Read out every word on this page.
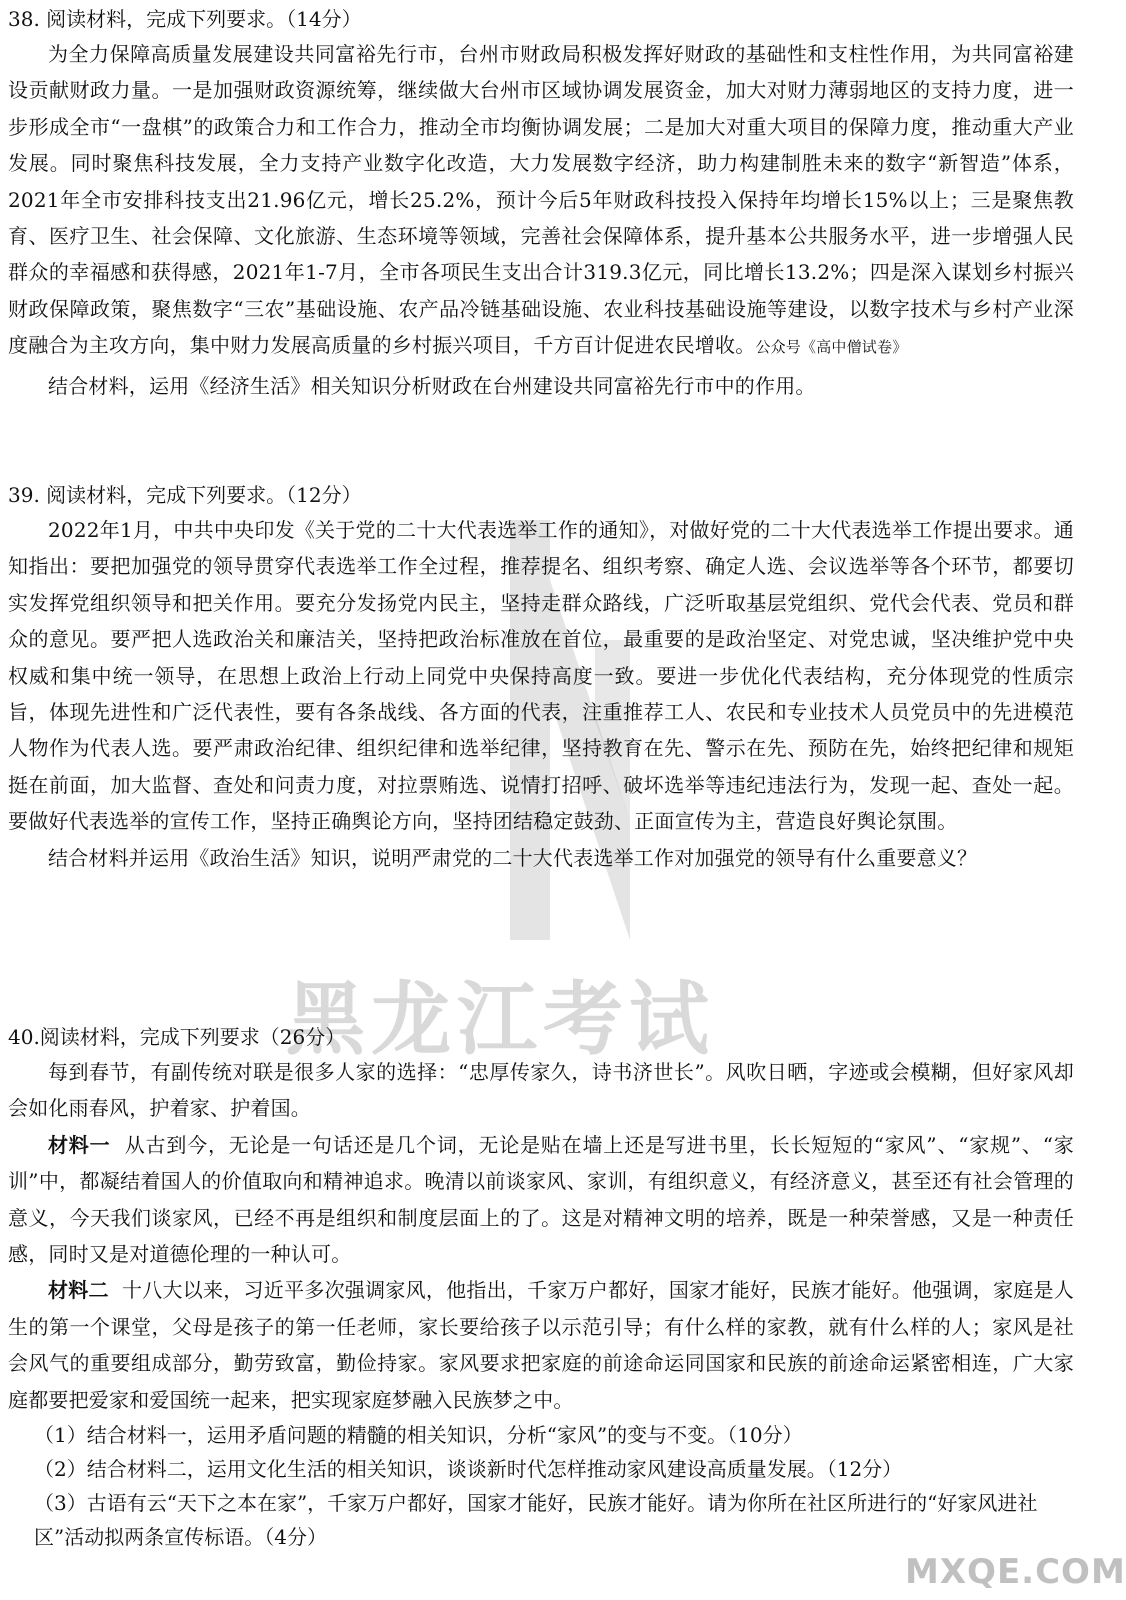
黑龙江考试
38. 阅读材料，完成下列要求。（14分）

为全力保障高质量发展建设共同富裕先行市，台州市财政局积极发挥好财政的基础性和支柱性作用，为共同富裕建设贡献财政力量。一是加强财政资源统筹，继续做大台州市区域协调发展资金，加大对财力薄弱地区的支持力度，进一步形成全市“一盘棋”的政策合力和工作合力，推动全市均衡协调发展；二是加大对重大项目的保障力度，推动重大产业发展。同时聚焦科技发展，全力支持产业数字化改造，大力发展数字经济，助力构建制胜未来的数字“新智造”体系，2021年全市安排科技支出21.96亿元，增长25.2%，预计今后5年财政科技投入保持年均增长15%以上；三是聚焦教育、医疗卫生、社会保障、文化旅游、生态环境等领域，完善社会保障体系，提升基本公共服务水平，进一步增强人民群众的幸福感和获得感，2021年1-7月，全市各项民生支出合计319.3亿元，同比增长13.2%；四是深入谋划乡村振兴财政保障政策，聚焦数字“三农”基础设施、农产品冷链基础设施、农业科技基础设施等建设，以数字技术与乡村产业深度融合为主攻方向，集中财力发展高质量的乡村振兴项目，千方百计促进农民增收。公众号《高中僧试卷》

结合材料，运用《经济生活》相关知识分析财政在台州建设共同富裕先行市中的作用。

39. 阅读材料，完成下列要求。（12分）

2022年1月，中共中央印发《关于党的二十大代表选举工作的通知》，对做好党的二十大代表选举工作提出要求。通知指出：要把加强党的领导贯穿代表选举工作全过程，推荐提名、组织考察、确定人选、会议选举等各个环节，都要切实发挥党组织领导和把关作用。要充分发扬党内民主，坚持走群众路线，广泛听取基层党组织、党代会代表、党员和群众的意见。要严把人选政治关和廉洁关，坚持把政治标准放在首位，最重要的是政治坚定、对党忠诚，坚决维护党中央权威和集中统一领导，在思想上政治上行动上同党中央保持高度一致。要进一步优化代表结构，充分体现党的性质宗旨，体现先进性和广泛代表性，要有各条战线、各方面的代表，注重推荐工人、农民和专业技术人员党员中的先进模范人物作为代表人选。要严肃政治纪律、组织纪律和选举纪律，坚持教育在先、警示在先、预防在先，始终把纪律和规矩挺在前面，加大监督、查处和问责力度，对拉票贿选、说情打招呼、破坏选举等违纪违法行为，发现一起、查处一起。要做好代表选举的宣传工作，坚持正确舆论方向，坚持团结稳定鼓劲、正面宣传为主，营造良好舆论氛围。

结合材料并运用《政治生活》知识，说明严肃党的二十大代表选举工作对加强党的领导有什么重要意义？

40.阅读材料，完成下列要求（26分）

每到春节，有副传统对联是很多人家的选择：“忠厚传家久，诗书济世长”。风吹日晒，字迹或会模糊，但好家风却会如化雨春风，护着家、护着国。

材料一 从古到今，无论是一句话还是几个词，无论是贴在墙上还是写进书里，长长短短的“家风”、“家规”、“家训”中，都凝结着国人的价值取向和精神追求。晚清以前谈家风、家训，有组织意义，有经济意义，甚至还有社会管理的意义，今天我们谈家风，已经不再是组织和制度层面上的了。这是对精神文明的培养，既是一种荣誉感，又是一种责任感，同时又是对道德伦理的一种认可。

材料二 十八大以来，习近平多次强调家风，他指出，千家万户都好，国家才能好，民族才能好。他强调，家庭是人生的第一个课堂，父母是孩子的第一任老师，家长要给孩子以示范引导；有什么样的家教，就有什么样的人；家风是社会风气的重要组成部分，勤劳致富，勤俭持家。家风要求把家庭的前途命运同国家和民族的前途命运紧密相连，广大家庭都要把爱家和爱国统一起来，把实现家庭梦融入民族梦之中。

（1）结合材料一，运用矛盾问题的精髓的相关知识，分析“家风”的变与不变。（10分）

（2）结合材料二，运用文化生活的相关知识，谈谈新时代怎样推动家风建设高质量发展。（12分）

（3）古语有云“天下之本在家”，千家万户都好，国家才能好，民族才能好。请为你所在社区所进行的“好家风进社区”活动拟两条宣传标语。（4分）

MXQE.COM
